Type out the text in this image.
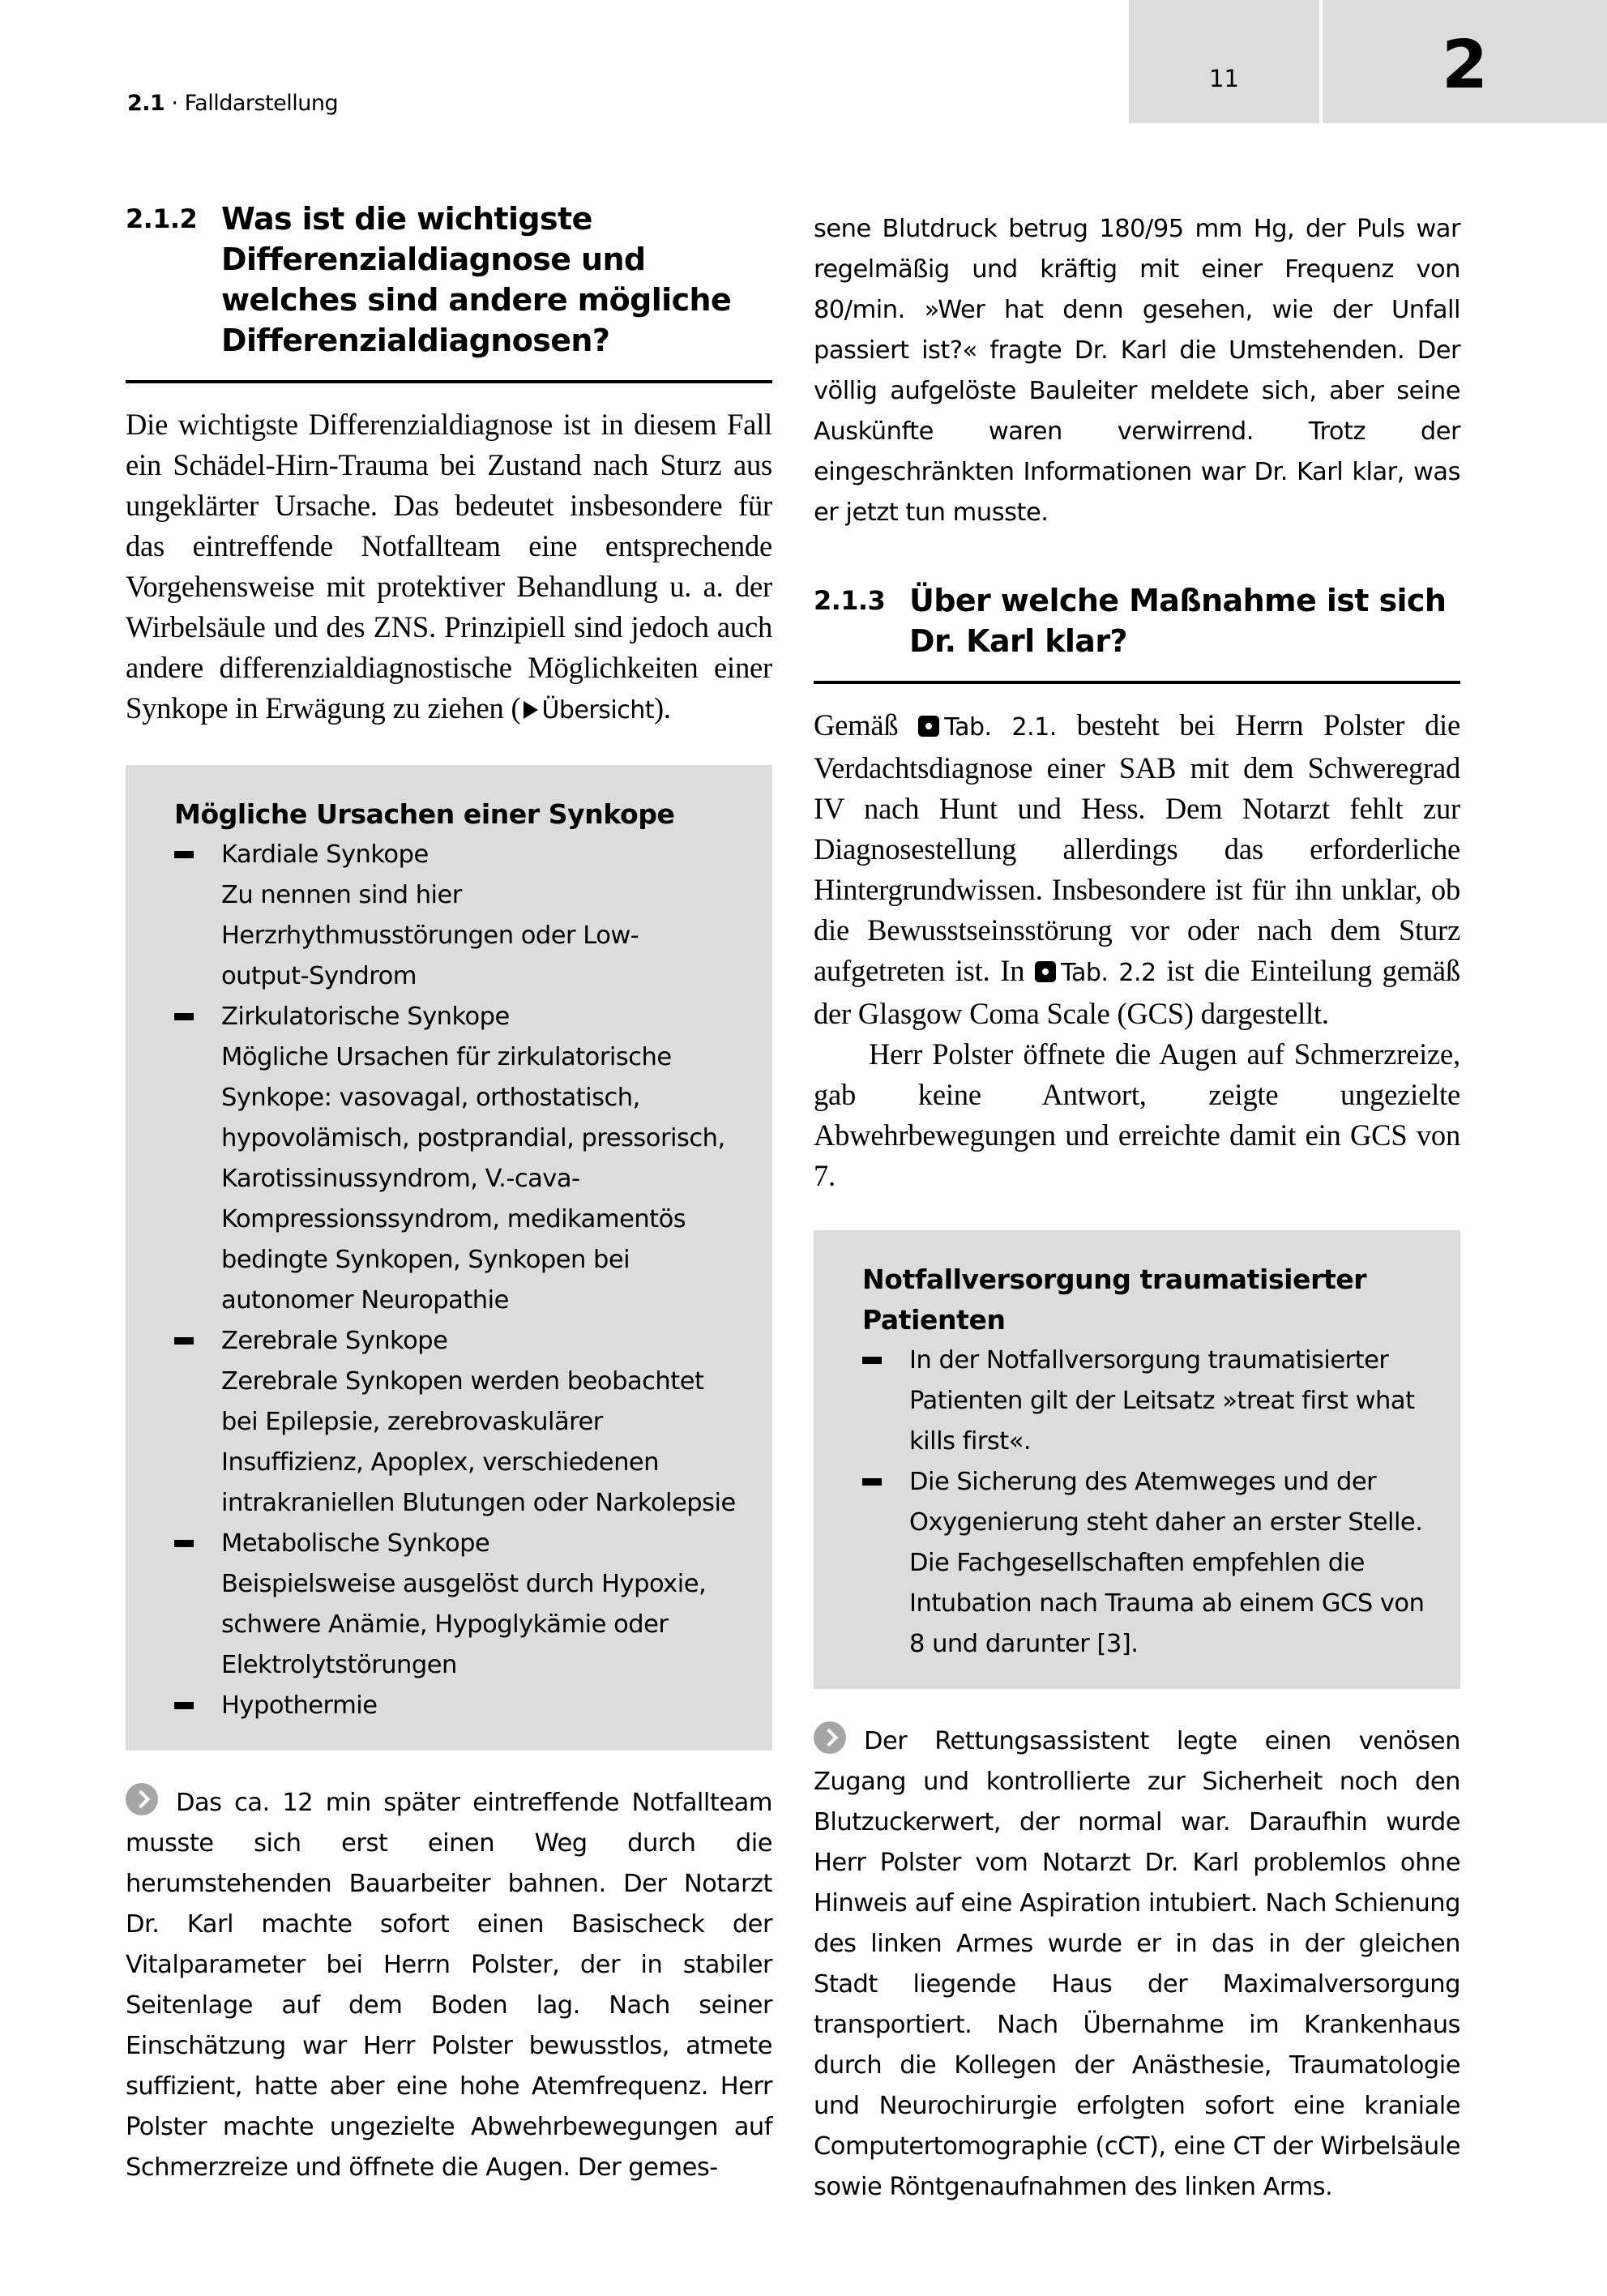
2.1 · Falldarstellung
11	2
2.1.2 Was ist die wichtigste Differenzialdiagnose und welches sind andere mögliche Differenzialdiagnosen?

Die wichtigste Differenzialdiagnose ist in diesem Fall ein Schädel-Hirn-Trauma bei Zustand nach Sturz aus ungeklärter Ursache. Das bedeutet insbesondere für das eintreffende Notfallteam eine entsprechende Vorgehensweise mit protektiver Behandlung u. a. der Wirbelsäule und des ZNS. Prinzipiell sind jedoch auch andere differenzialdiagnostische Möglichkeiten einer Synkope in Erwägung zu ziehen ( Übersicht).

Mögliche Ursachen einer Synkope
Kardiale Synkope
Zu nennen sind hier Herzrhythmusstörungen oder Low-output-Syndrom
Zirkulatorische Synkope
Mögliche Ursachen für zirkulatorische Synkope: vasovagal, orthostatisch, hypovolämisch, postprandial, pressorisch, Karotissinussyndrom, V.-cava-Kompressionssyndrom, medikamentös bedingte Synkopen, Synkopen bei autonomer Neuropathie
Zerebrale Synkope
Zerebrale Synkopen werden beobachtet bei Epilepsie, zerebrovaskulärer Insuffizienz, Apoplex, verschiedenen intrakraniellen Blutungen oder Narkolepsie
Metabolische Synkope
Beispielsweise ausgelöst durch Hypoxie, schwere Anämie, Hypoglykämie oder Elektrolytstörungen
Hypothermie

Das ca. 12 min später eintreffende Notfallteam musste sich erst einen Weg durch die herumstehenden Bauarbeiter bahnen. Der Notarzt Dr. Karl machte sofort einen Basischeck der Vitalparameter bei Herrn Polster, der in stabiler Seitenlage auf dem Boden lag. Nach seiner Einschätzung war Herr Polster bewusstlos, atmete suffizient, hatte aber eine hohe Atemfrequenz. Herr Polster machte ungezielte Abwehrbewegungen auf Schmerzreize und öffnete die Augen. Der gemes-

sene Blutdruck betrug 180/95 mm Hg, der Puls war regelmäßig und kräftig mit einer Frequenz von 80/min. »Wer hat denn gesehen, wie der Unfall passiert ist?« fragte Dr. Karl die Umstehenden. Der völlig aufgelöste Bauleiter meldete sich, aber seine Auskünfte waren verwirrend. Trotz der eingeschränkten Informationen war Dr. Karl klar, was er jetzt tun musste.

2.1.3 Über welche Maßnahme ist sich Dr. Karl klar?

Gemäß Tab. 2.1. besteht bei Herrn Polster die Verdachtsdiagnose einer SAB mit dem Schweregrad IV nach Hunt und Hess. Dem Notarzt fehlt zur Diagnosestellung allerdings das erforderliche Hintergrundwissen. Insbesondere ist für ihn unklar, ob die Bewusstseinsstörung vor oder nach dem Sturz aufgetreten ist. In Tab. 2.2 ist die Einteilung gemäß der Glasgow Coma Scale (GCS) dargestellt.

Herr Polster öffnete die Augen auf Schmerzreize, gab keine Antwort, zeigte ungezielte Abwehrbewegungen und erreichte damit ein GCS von 7.

Notfallversorgung traumatisierter Patienten
In der Notfallversorgung traumatisierter Patienten gilt der Leitsatz »treat first what kills first«.
Die Sicherung des Atemweges und der Oxygenierung steht daher an erster Stelle. Die Fachgesellschaften empfehlen die Intubation nach Trauma ab einem GCS von 8 und darunter [3].

Der Rettungsassistent legte einen venösen Zugang und kontrollierte zur Sicherheit noch den Blutzuckerwert, der normal war. Daraufhin wurde Herr Polster vom Notarzt Dr. Karl problemlos ohne Hinweis auf eine Aspiration intubiert. Nach Schienung des linken Armes wurde er in das in der gleichen Stadt liegende Haus der Maximalversorgung transportiert. Nach Übernahme im Krankenhaus durch die Kollegen der Anästhesie, Traumatologie und Neurochirurgie erfolgten sofort eine kraniale Computertomographie (cCT), eine CT der Wirbelsäule sowie Röntgenaufnahmen des linken Arms.
